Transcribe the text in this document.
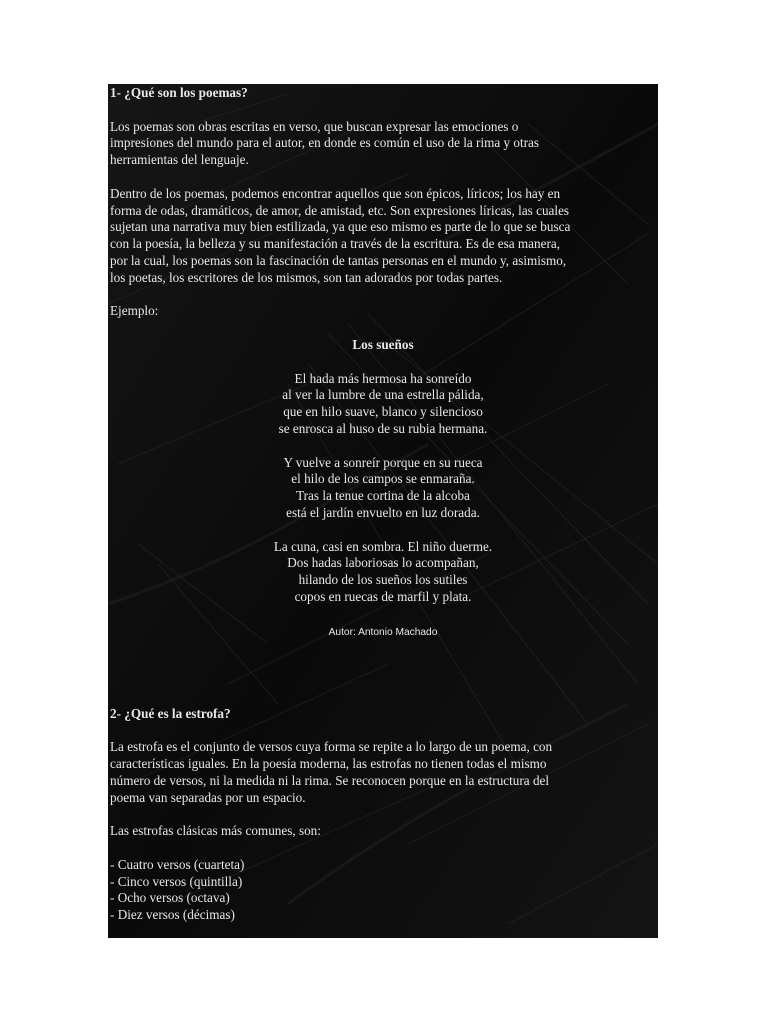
1- ¿Qué son los poemas?

Los poemas son obras escritas en verso, que buscan expresar las emociones o

impresiones del mundo para el autor, en donde es común el uso de la rima y otras

herramientas del lenguaje.

Dentro de los poemas, podemos encontrar aquellos que son épicos, líricos; los hay en

forma de odas, dramáticos, de amor, de amistad, etc. Son expresiones líricas, las cuales

sujetan una narrativa muy bien estilizada, ya que eso mismo es parte de lo que se busca

con la poesía, la belleza y su manifestación a través de la escritura. Es de esa manera,

por la cual, los poemas son la fascinación de tantas personas en el mundo y, asimismo,

los poetas, los escritores de los mismos, son tan adorados por todas partes.

Ejemplo:

Los sueños

El hada más hermosa ha sonreído

al ver la lumbre de una estrella pálida,

que en hilo suave, blanco y silencioso

se enrosca al huso de su rubia hermana.

Y vuelve a sonreír porque en su rueca

el hilo de los campos se enmaraña.

Tras la tenue cortina de la alcoba

está el jardín envuelto en luz dorada.

La cuna, casi en sombra. El niño duerme.

Dos hadas laboriosas lo acompañan,

hilando de los sueños los sutiles

copos en ruecas de marfil y plata.

Autor: Antonio Machado

2- ¿Qué es la estrofa?

La estrofa es el conjunto de versos cuya forma se repite a lo largo de un poema, con

características iguales. En la poesía moderna, las estrofas no tienen todas el mismo

número de versos, ni la medida ni la rima. Se reconocen porque en la estructura del

poema van separadas por un espacio.

Las estrofas clásicas más comunes, son:

- Cuatro versos (cuarteta)

- Cinco versos (quintilla)

- Ocho versos (octava)

- Diez versos (décimas)
